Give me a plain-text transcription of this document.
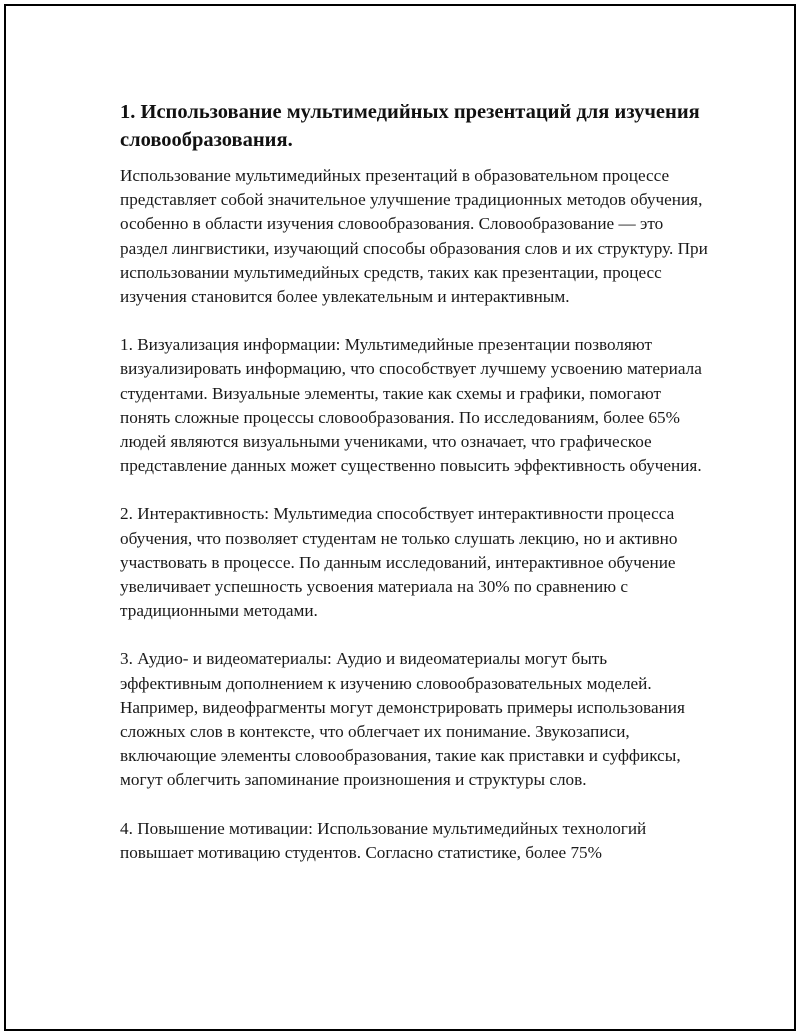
1. Использование мультимедийных презентаций для изучения словообразования.

Использование мультимедийных презентаций в образовательном процессе представляет собой значительное улучшение традиционных методов обучения, особенно в области изучения словообразования. Словообразование — это раздел лингвистики, изучающий способы образования слов и их структуру. При использовании мультимедийных средств, таких как презентации, процесс изучения становится более увлекательным и интерактивным.

1. Визуализация информации: Мультимедийные презентации позволяют визуализировать информацию, что способствует лучшему усвоению материала студентами. Визуальные элементы, такие как схемы и графики, помогают понять сложные процессы словообразования. По исследованиям, более 65% людей являются визуальными учениками, что означает, что графическое представление данных может существенно повысить эффективность обучения.

2. Интерактивность: Мультимедиа способствует интерактивности процесса обучения, что позволяет студентам не только слушать лекцию, но и активно участвовать в процессе. По данным исследований, интерактивное обучение увеличивает успешность усвоения материала на 30% по сравнению с традиционными методами.

3. Аудио- и видеоматериалы: Аудио и видеоматериалы могут быть эффективным дополнением к изучению словообразовательных моделей. Например, видеофрагменты могут демонстрировать примеры использования сложных слов в контексте, что облегчает их понимание. Звукозаписи, включающие элементы словообразования, такие как приставки и суффиксы, могут облегчить запоминание произношения и структуры слов.

4. Повышение мотивации: Использование мультимедийных технологий повышает мотивацию студентов. Согласно статистике, более 75%
